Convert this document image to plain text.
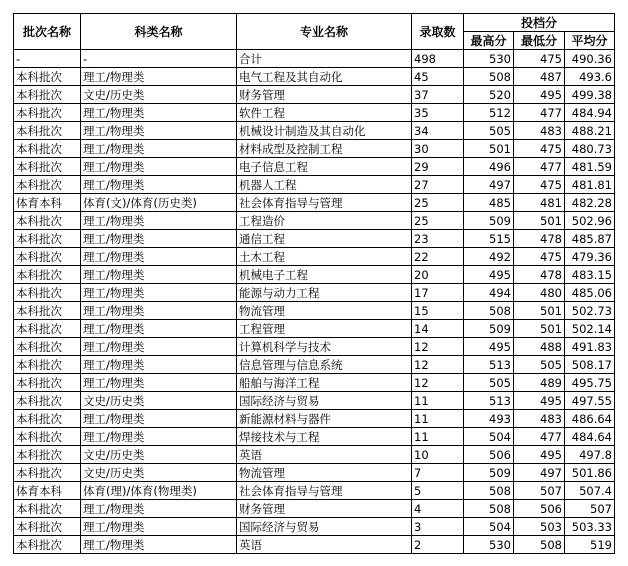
批次名称	科类名称	专业名称	录取数	投档分		
				最高分	最低分	平均分
-	-	合计	498	530	475	490.36
本科批次	理工/物理类	电气工程及其自动化	45	508	487	493.6
本科批次	文史/历史类	财务管理	37	520	495	499.38
本科批次	理工/物理类	软件工程	35	512	477	484.94
本科批次	理工/物理类	机械设计制造及其自动化	34	505	483	488.21
本科批次	理工/物理类	材料成型及控制工程	30	501	475	480.73
本科批次	理工/物理类	电子信息工程	29	496	477	481.59
本科批次	理工/物理类	机器人工程	27	497	475	481.81
体育本科	体育(文)/体育(历史类)	社会体育指导与管理	25	485	481	482.28
本科批次	理工/物理类	工程造价	25	509	501	502.96
本科批次	理工/物理类	通信工程	23	515	478	485.87
本科批次	理工/物理类	土木工程	22	492	475	479.36
本科批次	理工/物理类	机械电子工程	20	495	478	483.15
本科批次	理工/物理类	能源与动力工程	17	494	480	485.06
本科批次	理工/物理类	物流管理	15	508	501	502.73
本科批次	理工/物理类	工程管理	14	509	501	502.14
本科批次	理工/物理类	计算机科学与技术	12	495	488	491.83
本科批次	理工/物理类	信息管理与信息系统	12	513	505	508.17
本科批次	理工/物理类	船舶与海洋工程	12	505	489	495.75
本科批次	文史/历史类	国际经济与贸易	11	513	495	497.55
本科批次	理工/物理类	新能源材料与器件	11	493	483	486.64
本科批次	理工/物理类	焊接技术与工程	11	504	477	484.64
本科批次	文史/历史类	英语	10	506	495	497.8
本科批次	文史/历史类	物流管理	7	509	497	501.86
体育本科	体育(理)/体育(物理类)	社会体育指导与管理	5	508	507	507.4
本科批次	理工/物理类	财务管理	4	508	506	507
本科批次	理工/物理类	国际经济与贸易	3	504	503	503.33
本科批次	理工/物理类	英语	2	530	508	519
